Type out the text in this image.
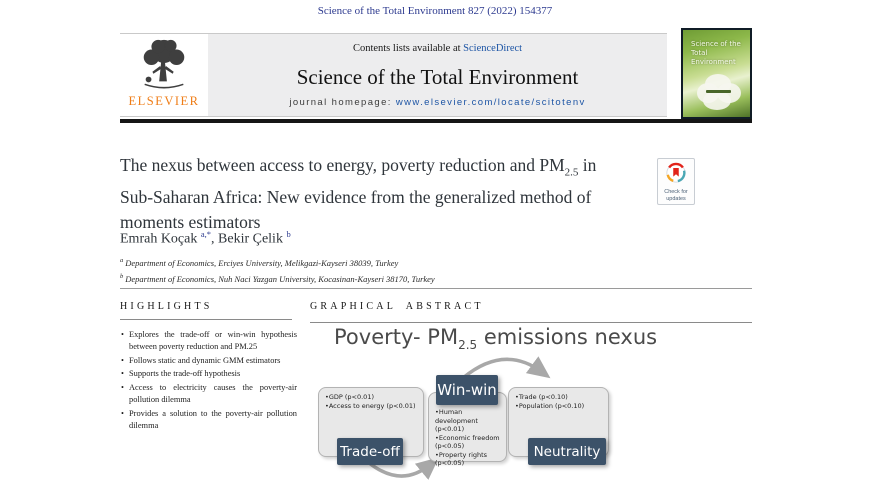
Science of the Total Environment 827 (2022) 154377
ELSEVIER
Contents lists available at ScienceDirect
Science of the Total Environment
journal homepage: www.elsevier.com/locate/scitotenv
Science of the Total Environment
The nexus between access to energy, poverty reduction and $PM_{2.5}$ in
Sub-Saharan Africa: New evidence from the generalized method of
moments estimators
Check for
updates
Emrah Koçak $^{a,*}$, Bekir Çelik $^b$
$^a$ Department of Economics, Erciyes University, Melikgazi-Kayseri 38039, Turkey
$^b$ Department of Economics, Nuh Naci Yazgan University, Kocasinan-Kayseri 38170, Turkey
HIGHLIGHTS
• Explores the trade-off or win-win hypothesis between poverty reduction and PM.25
• Follows static and dynamic GMM estimators
• Supports the trade-off hypothesis
• Access to electricity causes the poverty-air pollution dilemma
• Provides a solution to the poverty-air pollution dilemma
GRAPHICAL ABSTRACT
Poverty- $PM_{2.5}$ emissions nexus
• GDP (p<0.01)
• Access to energy (p<0.01)
• Human development (p<0.01)
• Economic freedom (p<0.05)
• Property rights (p<0.05)
• Trade (p<0.10)
• Population (p<0.10)
Win-win
Trade-off	Neutrality
